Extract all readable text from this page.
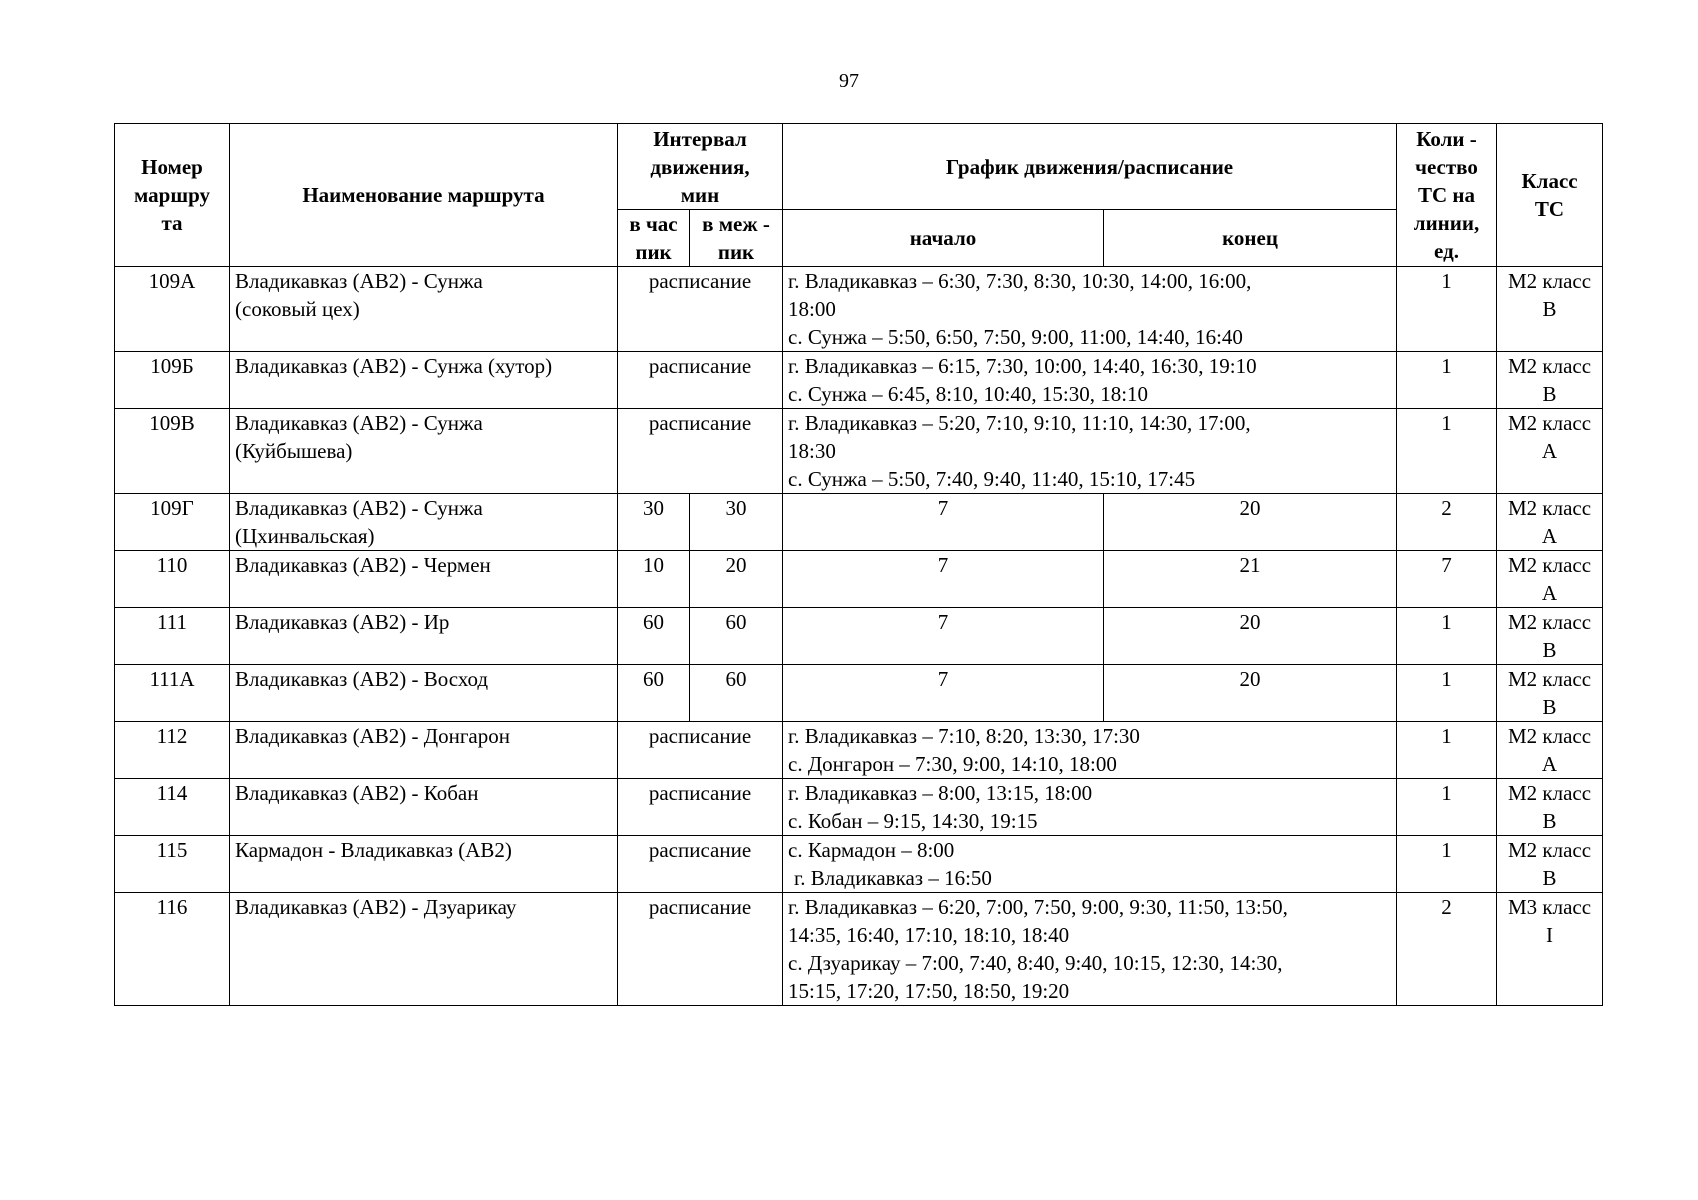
97
Номер
маршру
та	Наименование маршрута	Интервал
движения,
мин		График движения/расписание		Коли -
чество
ТС на
линии,
ед.	Класс
ТС

		в час
пик	в меж -
пик	начало	конец		
109А	Владикавказ (АВ2) - Сунжа
(соковый цех)	расписание		г. Владикавказ – 6:30, 7:30, 8:30, 10:30, 14:00, 16:00,
18:00
с. Сунжа – 5:50, 6:50, 7:50, 9:00, 11:00, 14:40, 16:40		1	М2 класс
В

109Б	Владикавказ (АВ2) - Сунжа (хутор)	расписание		г. Владикавказ – 6:15, 7:30, 10:00, 14:40, 16:30, 19:10
с. Сунжа – 6:45, 8:10, 10:40, 15:30, 18:10		1	М2 класс
В

109В	Владикавказ (АВ2) - Сунжа
(Куйбышева)	расписание		г. Владикавказ – 5:20, 7:10, 9:10, 11:10, 14:30, 17:00,
18:30
с. Сунжа – 5:50, 7:40, 9:40, 11:40, 15:10, 17:45		1	М2 класс
А

109Г	Владикавказ (АВ2) - Сунжа
(Цхинвальская)	30	30	7	20	2	М2 класс
А

110	Владикавказ (АВ2) - Чермен	10	20	7	21	7	М2 класс
А

111	Владикавказ (АВ2) - Ир	60	60	7	20	1	М2 класс
В

111А	Владикавказ (АВ2) - Восход	60	60	7	20	1	М2 класс
В

112	Владикавказ (АВ2) - Донгарон	расписание		г. Владикавказ – 7:10, 8:20, 13:30, 17:30
с. Донгарон – 7:30, 9:00, 14:10, 18:00		1	М2 класс
А

114	Владикавказ (АВ2) - Кобан	расписание		г. Владикавказ – 8:00, 13:15, 18:00
с. Кобан – 9:15, 14:30, 19:15		1	М2 класс
В

115	Кармадон - Владикавказ (АВ2)	расписание		с. Кармадон – 8:00
г. Владикавказ – 16:50		1	М2 класс
В

116	Владикавказ (АВ2) - Дзуарикау	расписание		г. Владикавказ – 6:20, 7:00, 7:50, 9:00, 9:30, 11:50, 13:50,
14:35, 16:40, 17:10, 18:10, 18:40
с. Дзуарикау – 7:00, 7:40, 8:40, 9:40, 10:15, 12:30, 14:30,
15:15, 17:20, 17:50, 18:50, 19:20		2	М3 класс
I
